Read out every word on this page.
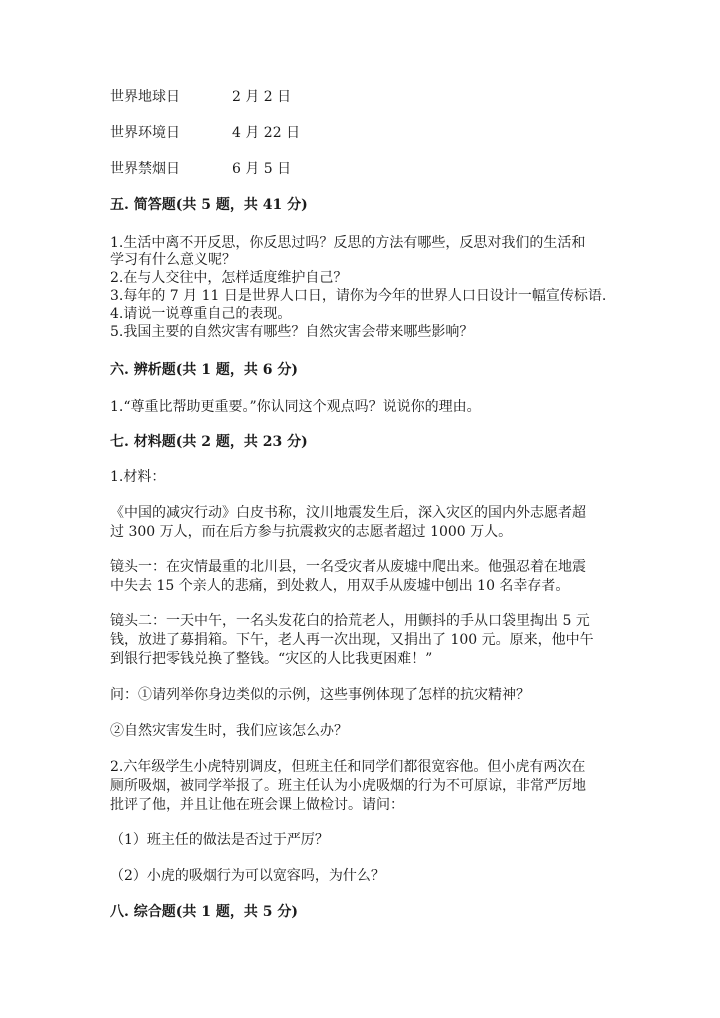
世界地球日	2 月 2 日
世界环境日	4 月 22 日
世界禁烟日	6 月 5 日
五. 简答题(共 5 题，共 41 分)
1.生活中离不开反思，你反思过吗？反思的方法有哪些，反思对我们的生活和
学习有什么意义呢？
2.在与人交往中，怎样适度维护自己？
3.每年的 7 月 11 日是世界人口日，请你为今年的世界人口日设计一幅宣传标语.
4.请说一说尊重自己的表现。
5.我国主要的自然灾害有哪些？自然灾害会带来哪些影响？
六. 辨析题(共 1 题，共 6 分)
1.“尊重比帮助更重要。”你认同这个观点吗？说说你的理由。
七. 材料题(共 2 题，共 23 分)
1.材料：
《中国的减灾行动》白皮书称，汶川地震发生后，深入灾区的国内外志愿者超
过 300 万人，而在后方参与抗震救灾的志愿者超过 1000 万人。
镜头一：在灾情最重的北川县，一名受灾者从废墟中爬出来。他强忍着在地震
中失去 15 个亲人的悲痛，到处救人，用双手从废墟中刨出 10 名幸存者。
镜头二：一天中午，一名头发花白的拾荒老人，用颤抖的手从口袋里掏出 5 元
钱，放进了募捐箱。下午，老人再一次出现，又捐出了 100 元。原来，他中午
到银行把零钱兑换了整钱。“灾区的人比我更困难！”
问：①请列举你身边类似的示例，这些事例体现了怎样的抗灾精神？
②自然灾害发生时，我们应该怎么办？
2.六年级学生小虎特别调皮，但班主任和同学们都很宽容他。但小虎有两次在
厕所吸烟，被同学举报了。班主任认为小虎吸烟的行为不可原谅，非常严厉地
批评了他，并且让他在班会课上做检讨。请问：
（1）班主任的做法是否过于严厉？
（2）小虎的吸烟行为可以宽容吗，为什么？
八. 综合题(共 1 题，共 5 分)
